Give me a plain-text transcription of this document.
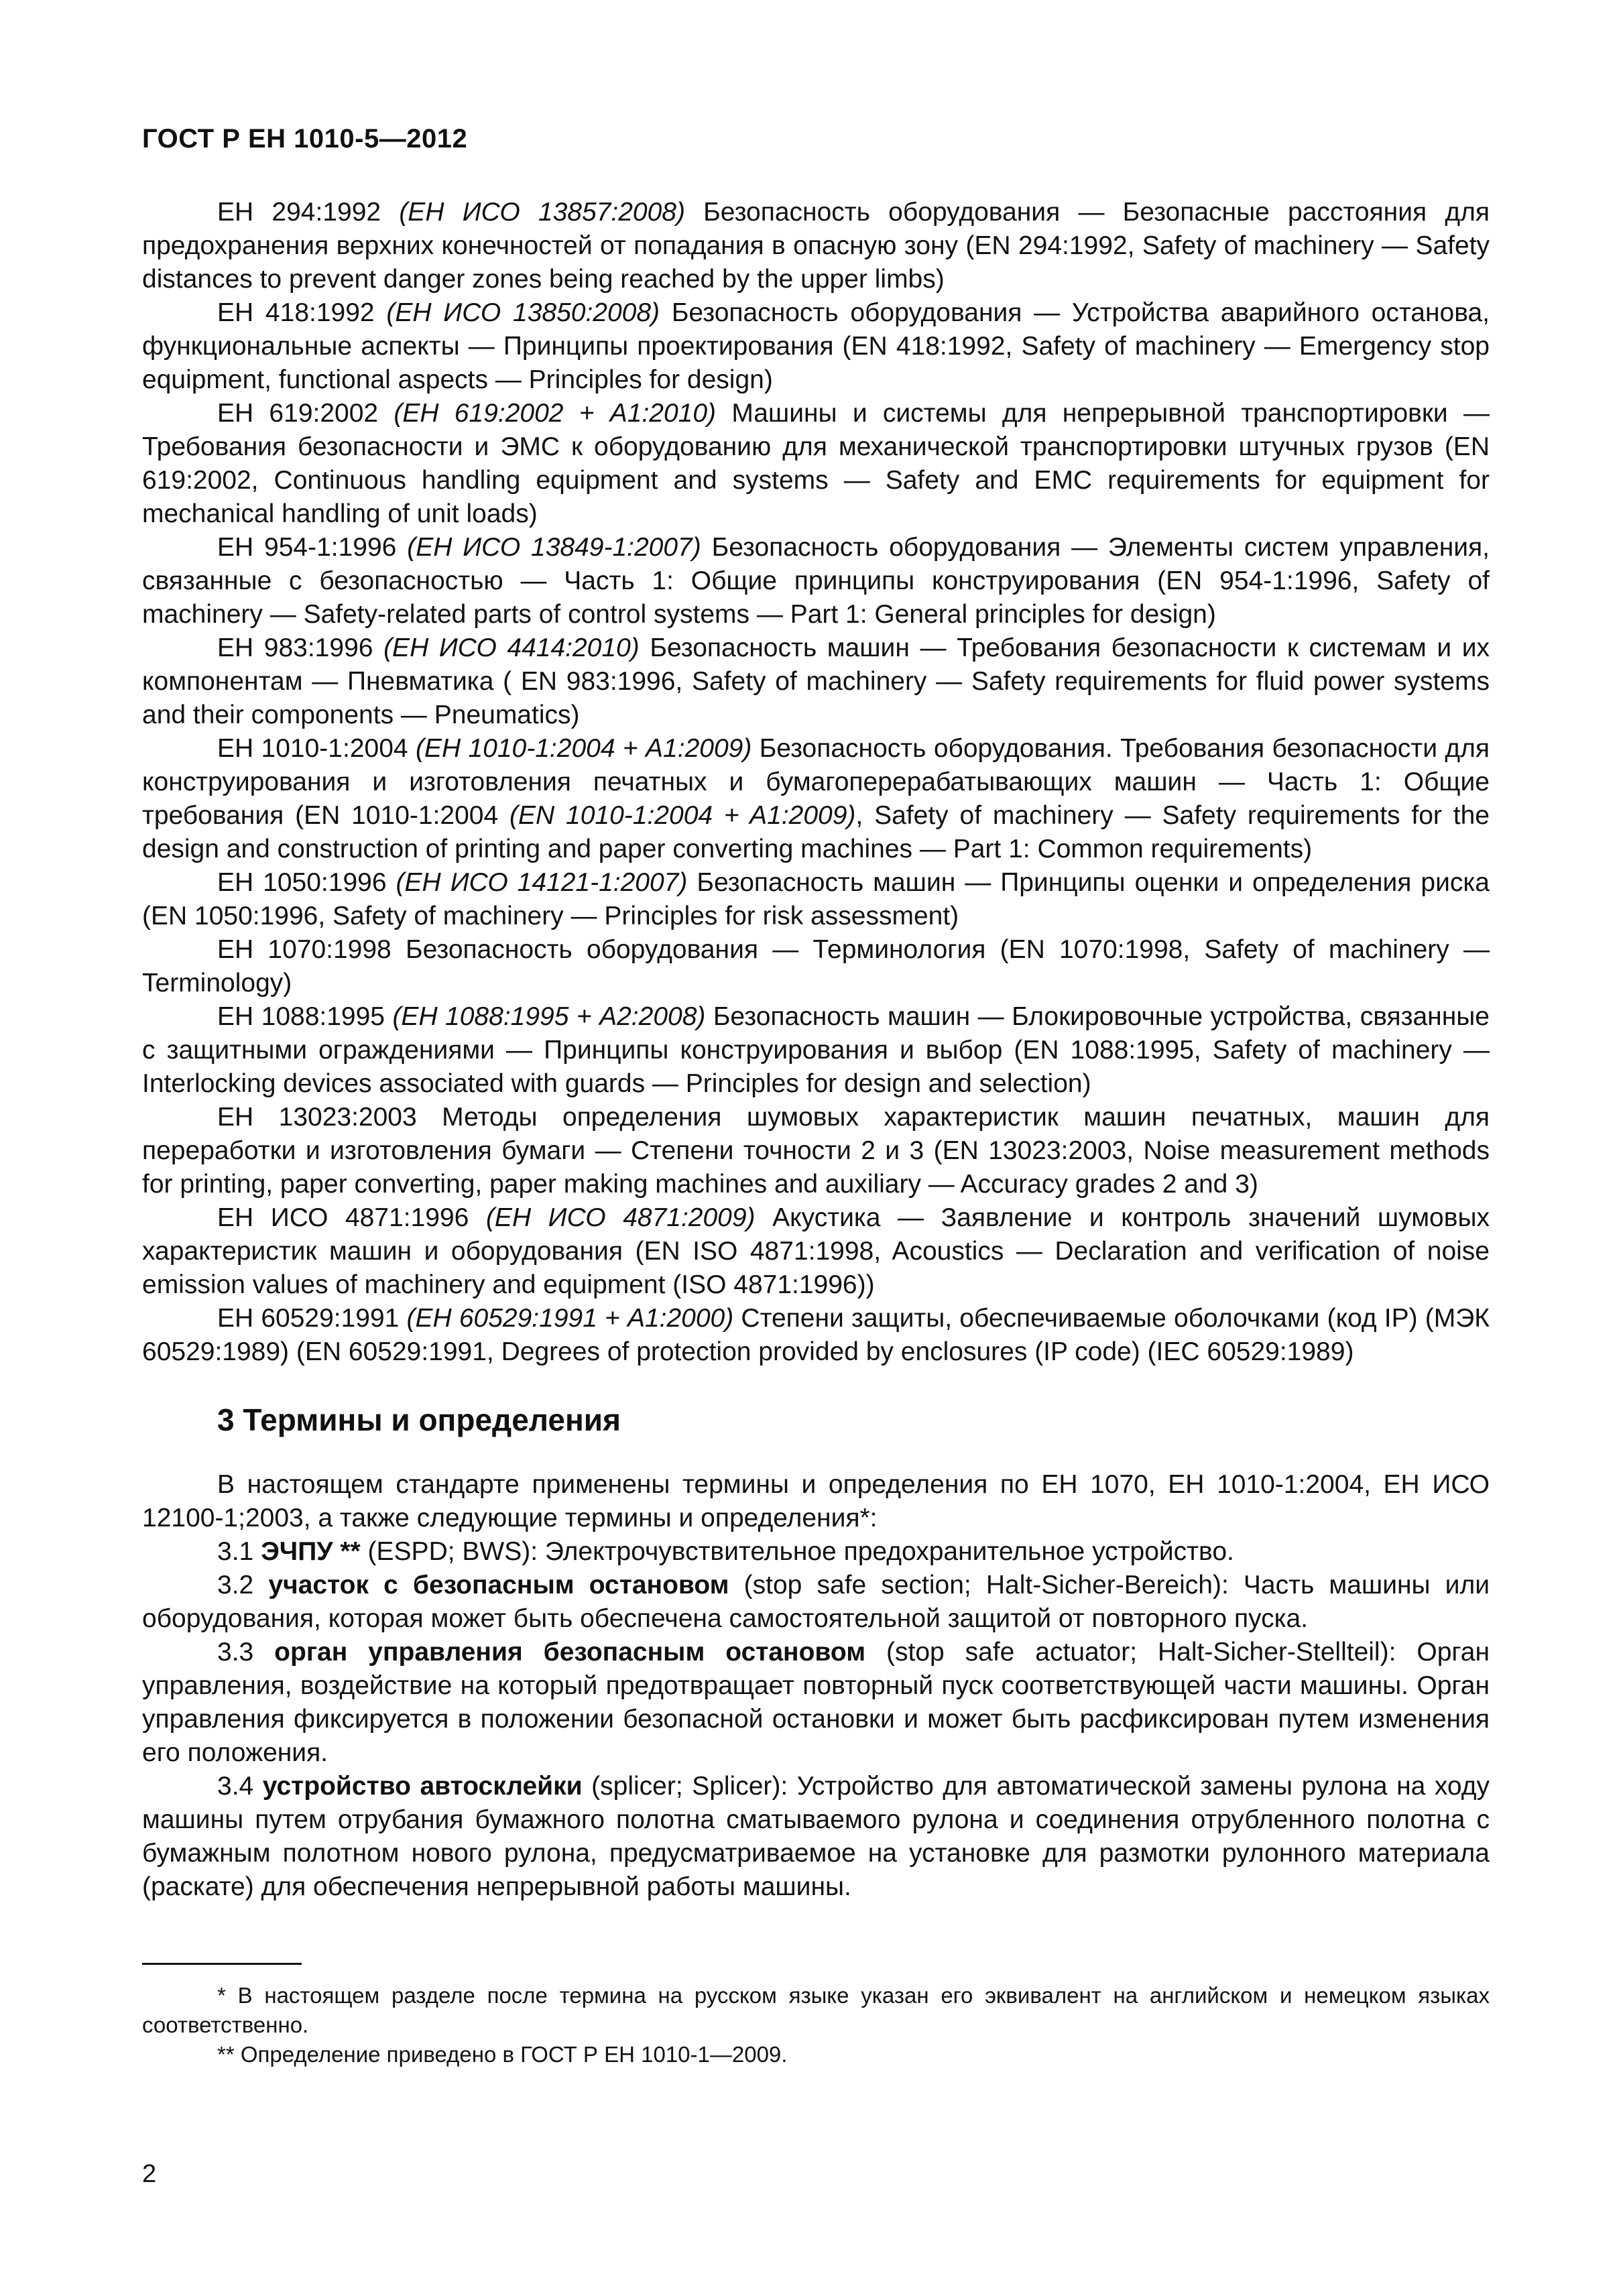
ГОСТ Р ЕН 1010-5—2012

ЕН 294:1992 (ЕН ИСО 13857:2008) Безопасность оборудования — Безопасные расстояния для предохранения верхних конечностей от попадания в опасную зону (EN 294:1992, Safety of machinery — Safety distances to prevent danger zones being reached by the upper limbs)

ЕН 418:1992 (ЕН ИСО 13850:2008) Безопасность оборудования — Устройства аварийного останова, функциональные аспекты — Принципы проектирования (EN 418:1992, Safety of machinery — Emergency stop equipment, functional aspects — Principles for design)

ЕН 619:2002 (ЕН 619:2002 + А1:2010) Машины и системы для непрерывной транспортировки — Требования безопасности и ЭМС к оборудованию для механической транспортировки штучных грузов (EN 619:2002, Continuous handling equipment and systems — Safety and EMC requirements for equipment for mechanical handling of unit loads)

ЕН 954-1:1996 (ЕН ИСО 13849-1:2007) Безопасность оборудования — Элементы систем управления, связанные с безопасностью — Часть 1: Общие принципы конструирования (EN 954-1:1996, Safety of machinery — Safety-related parts of control systems — Part 1: General principles for design)

ЕН 983:1996 (ЕН ИСО 4414:2010) Безопасность машин — Требования безопасности к системам и их компонентам — Пневматика ( EN 983:1996, Safety of machinery — Safety requirements for fluid power systems and their components — Pneumatics)

ЕН 1010-1:2004 (ЕН 1010-1:2004 + А1:2009) Безопасность оборудования. Требования безопасности для конструирования и изготовления печатных и бумагоперерабатывающих машин — Часть 1: Общие требования (EN 1010-1:2004 (EN 1010-1:2004 + A1:2009), Safety of machinery — Safety requirements for the design and construction of printing and paper converting machines — Part 1: Common requirements)

ЕН 1050:1996 (ЕН ИСО 14121-1:2007) Безопасность машин — Принципы оценки и определения риска (EN 1050:1996, Safety of machinery — Principles for risk assessment)

ЕН 1070:1998 Безопасность оборудования — Терминология (EN 1070:1998, Safety of machinery — Terminology)

ЕН 1088:1995 (ЕН 1088:1995 + А2:2008) Безопасность машин — Блокировочные устройства, связанные с защитными ограждениями — Принципы конструирования и выбор (EN 1088:1995, Safety of machinery — Interlocking devices associated with guards — Principles for design and selection)

ЕН 13023:2003 Методы определения шумовых характеристик машин печатных, машин для переработки и изготовления бумаги — Степени точности 2 и 3 (EN 13023:2003, Noise measurement methods for printing, paper converting, paper making machines and auxiliary — Accuracy grades 2 and 3)

ЕН ИСО 4871:1996 (ЕН ИСО 4871:2009) Акустика — Заявление и контроль значений шумовых характеристик машин и оборудования (EN ISO 4871:1998, Acoustics — Declaration and verification of noise emission values of machinery and equipment (ISO 4871:1996))

ЕН 60529:1991 (ЕН 60529:1991 + А1:2000) Степени защиты, обеспечиваемые оболочками (код IP) (МЭК 60529:1989) (EN 60529:1991, Degrees of protection provided by enclosures (IP code) (IEC 60529:1989)

3 Термины и определения

В настоящем стандарте применены термины и определения по ЕН 1070, ЕН 1010-1:2004, ЕН ИСО 12100-1;2003, а также следующие термины и определения*:

3.1 ЭЧПУ ** (ESPD; BWS): Электрочувствительное предохранительное устройство.

3.2 участок с безопасным остановом (stop safe section; Halt-Sicher-Bereich): Часть машины или оборудования, которая может быть обеспечена самостоятельной защитой от повторного пуска.

3.3 орган управления безопасным остановом (stop safe actuator; Halt-Sicher-Stellteil): Орган управления, воздействие на который предотвращает повторный пуск соответствующей части машины. Орган управления фиксируется в положении безопасной остановки и может быть расфиксирован путем изменения его положения.

3.4 устройство автосклейки (splicer; Splicer): Устройство для автоматической замены рулона на ходу машины путем отрубания бумажного полотна сматываемого рулона и соединения отрубленного полотна с бумажным полотном нового рулона, предусматриваемое на установке для размотки рулонного материала (раскате) для обеспечения непрерывной работы машины.

* В настоящем разделе после термина на русском языке указан его эквивалент на английском и немецком языках соответственно.

** Определение приведено в ГОСТ Р ЕН 1010-1—2009.

2
